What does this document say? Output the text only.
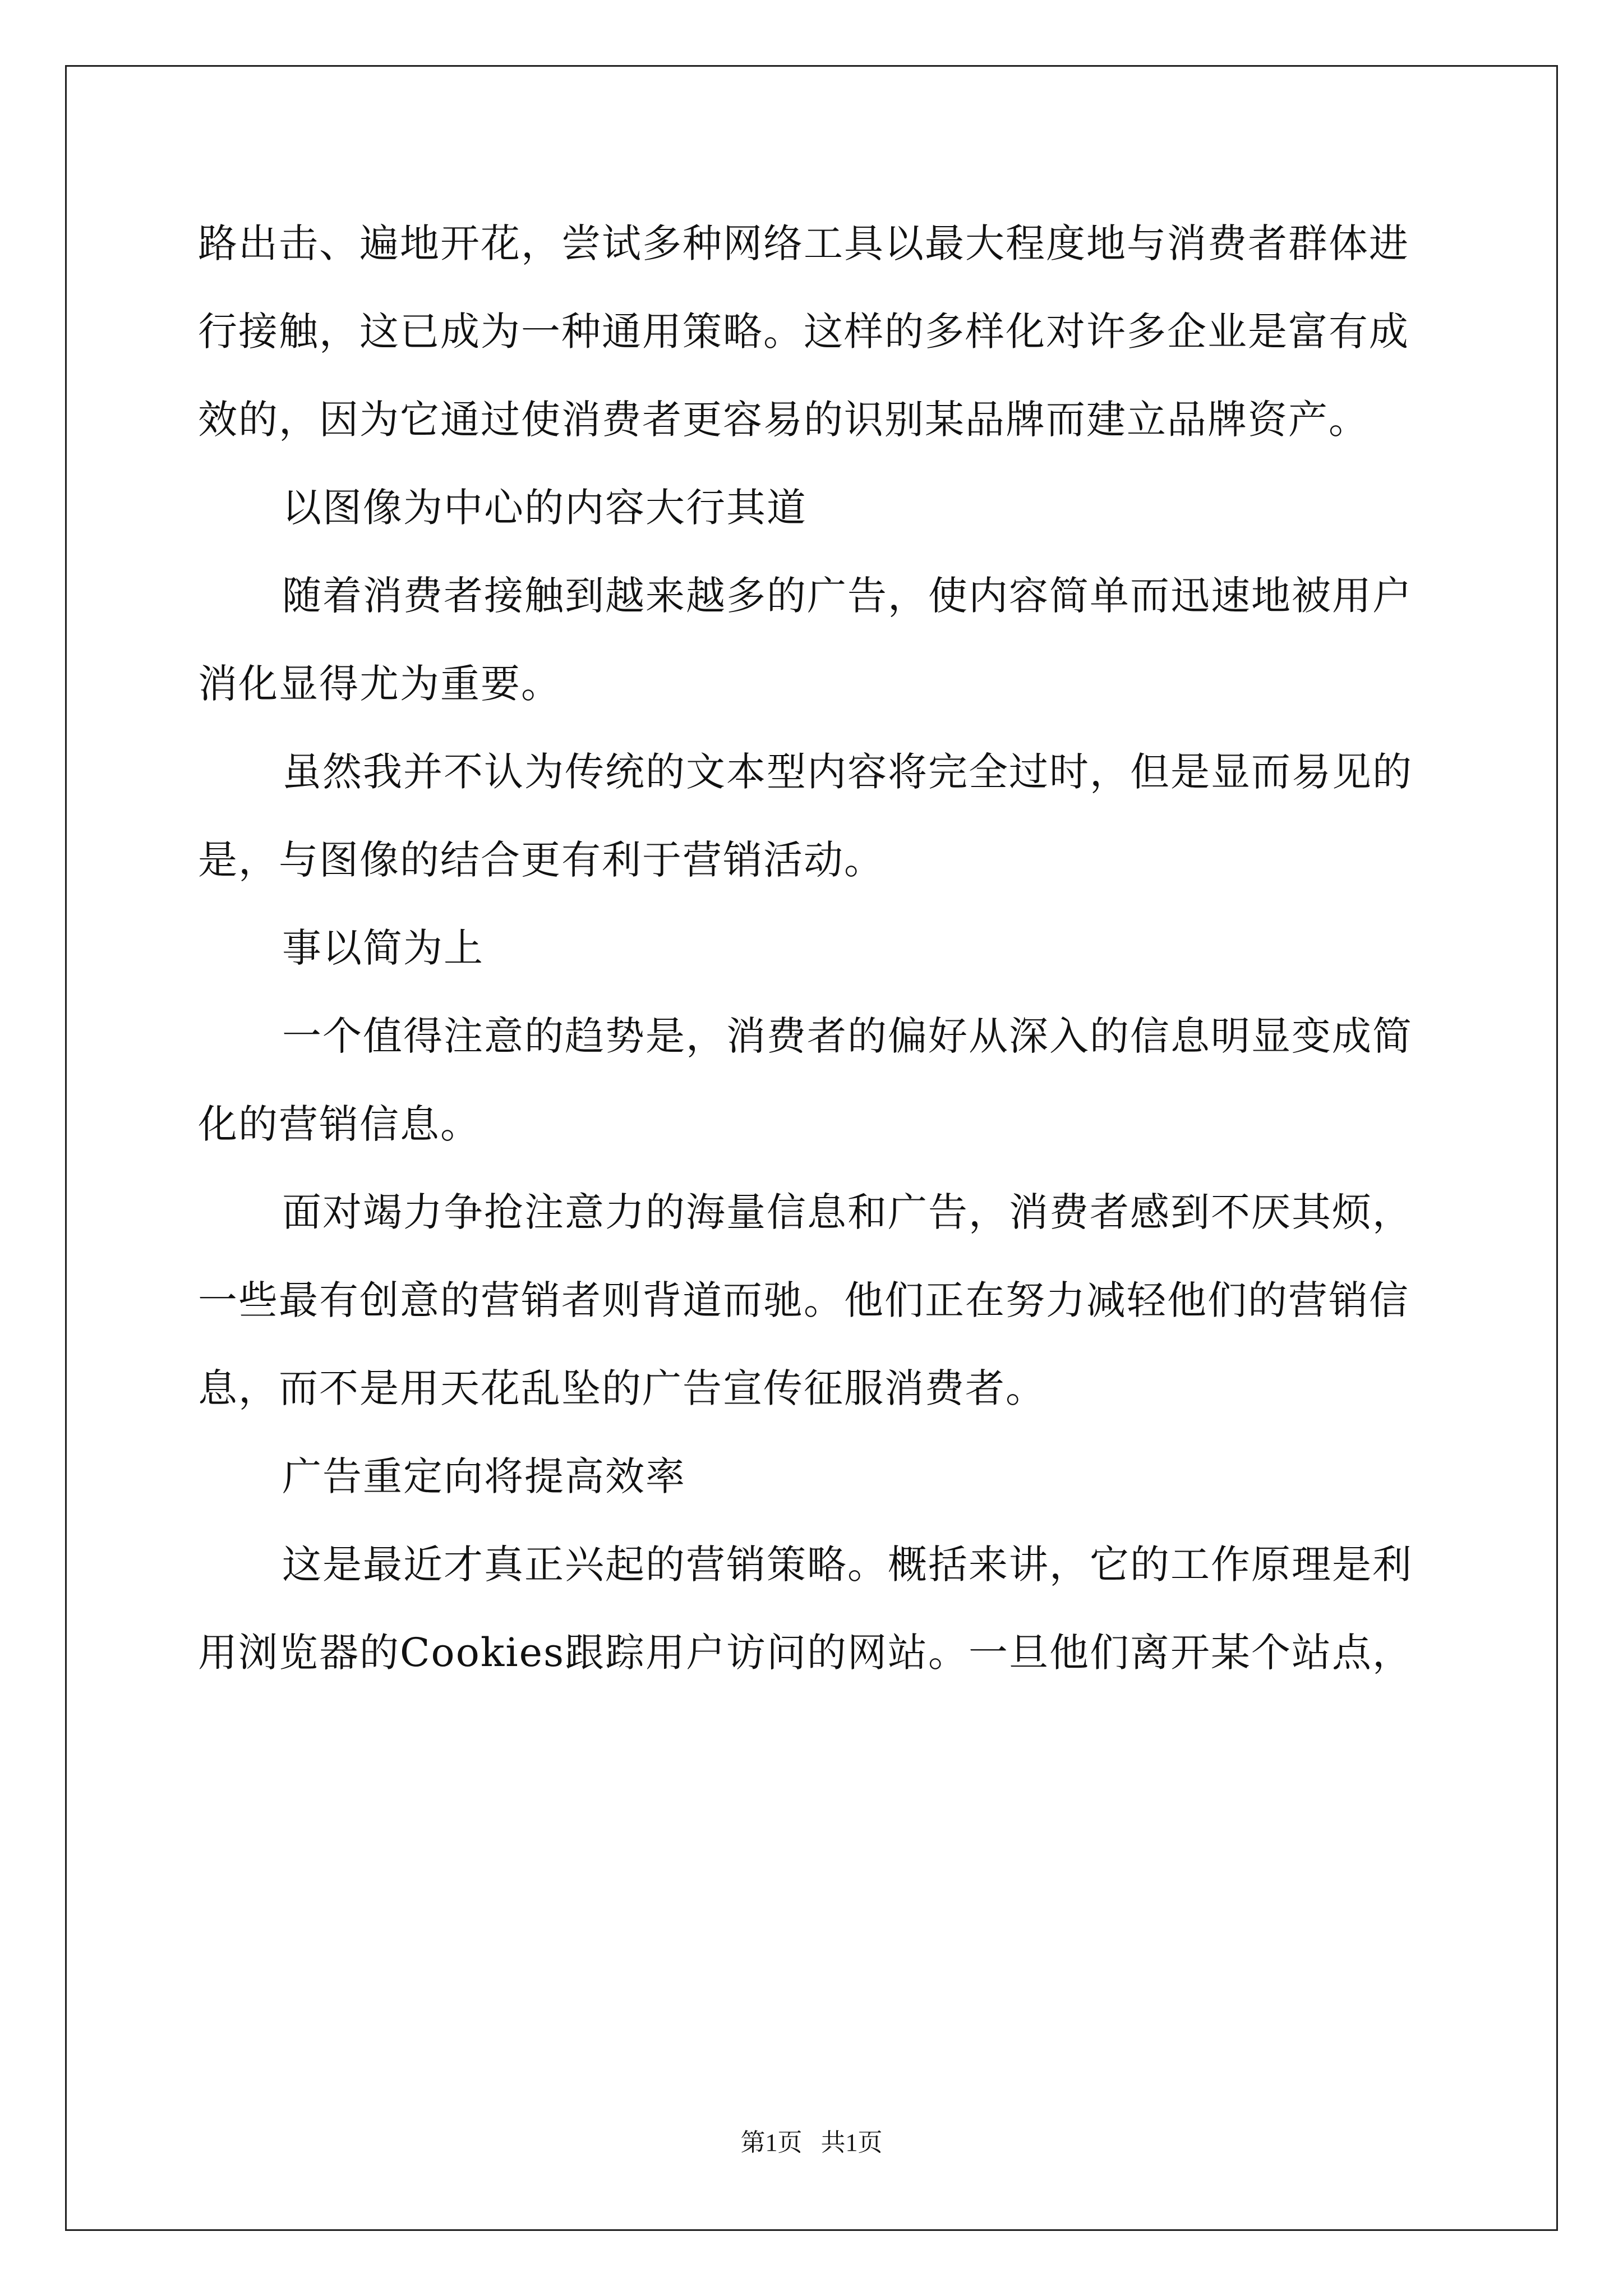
路出击、遍地开花，尝试多种网络工具以最大程度地与消费者群体进
行接触，这已成为一种通用策略。这样的多样化对许多企业是富有成
效的，因为它通过使消费者更容易的识别某品牌而建立品牌资产。
以图像为中心的内容大行其道
随着消费者接触到越来越多的广告，使内容简单而迅速地被用户
消化显得尤为重要。
虽然我并不认为传统的文本型内容将完全过时，但是显而易见的
是，与图像的结合更有利于营销活动。
事以简为上
一个值得注意的趋势是，消费者的偏好从深入的信息明显变成简
化的营销信息。
面对竭力争抢注意力的海量信息和广告，消费者感到不厌其烦，
一些最有创意的营销者则背道而驰。他们正在努力减轻他们的营销信
息，而不是用天花乱坠的广告宣传征服消费者。
广告重定向将提高效率
这是最近才真正兴起的营销策略。概括来讲，它的工作原理是利
用浏览器的Cookies跟踪用户访问的网站。一旦他们离开某个站点，
第1页   共1页
